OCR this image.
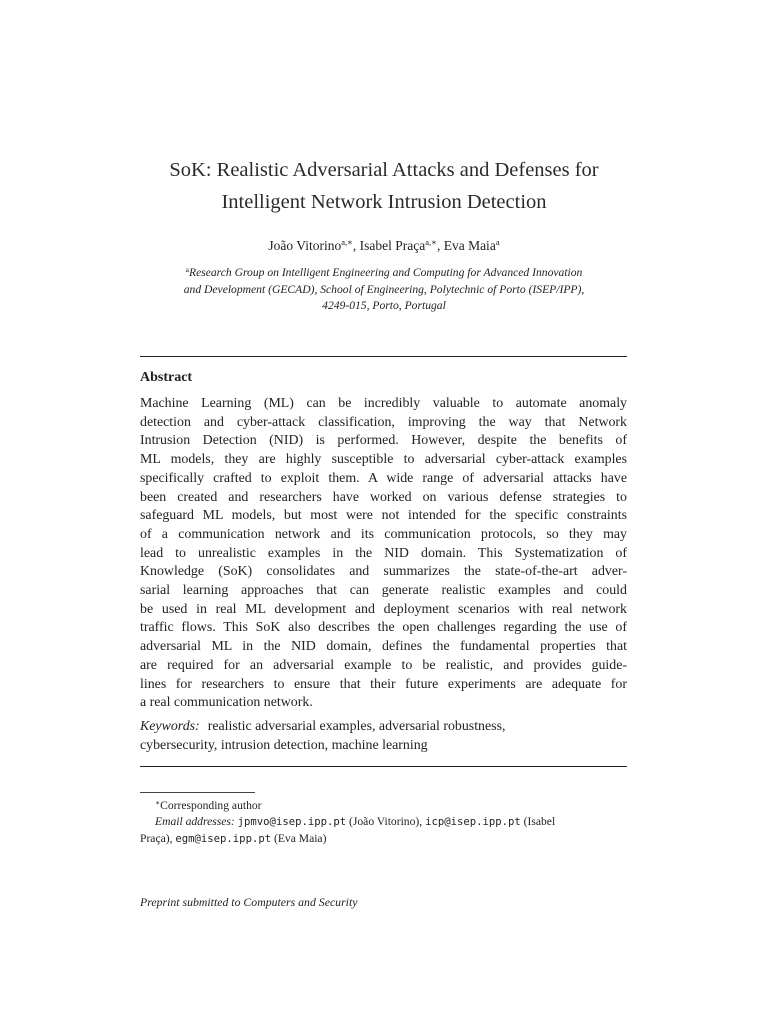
SoK: Realistic Adversarial Attacks and Defenses for
Intelligent Network Intrusion Detection
João Vitorino$^{a,∗}$, Isabel Praça$^{a,∗}$, Eva Maia$^a$
$^a$Research Group on Intelligent Engineering and Computing for Advanced Innovation
and Development (GECAD), School of Engineering, Polytechnic of Porto (ISEP/IPP),
4249-015, Porto, Portugal
Abstract
Machine Learning (ML) can be incredibly valuable to automate anomaly
detection and cyber-attack classification, improving the way that Network
Intrusion Detection (NID) is performed. However, despite the benefits of
ML models, they are highly susceptible to adversarial cyber-attack examples
specifically crafted to exploit them. A wide range of adversarial attacks have
been created and researchers have worked on various defense strategies to
safeguard ML models, but most were not intended for the specific constraints
of a communication network and its communication protocols, so they may
lead to unrealistic examples in the NID domain. This Systematization of
Knowledge (SoK) consolidates and summarizes the state-of-the-art adver-
sarial learning approaches that can generate realistic examples and could
be used in real ML development and deployment scenarios with real network
traffic flows. This SoK also describes the open challenges regarding the use of
adversarial ML in the NID domain, defines the fundamental properties that
are required for an adversarial example to be realistic, and provides guide-
lines for researchers to ensure that their future experiments are adequate for
a real communication network.
Keywords: realistic adversarial examples, adversarial robustness,
cybersecurity, intrusion detection, machine learning
∗Corresponding author
Email addresses: jpmvo@isep.ipp.pt (João Vitorino), icp@isep.ipp.pt (Isabel
Praça), egm@isep.ipp.pt (Eva Maia)
Preprint submitted to Computers and Security
